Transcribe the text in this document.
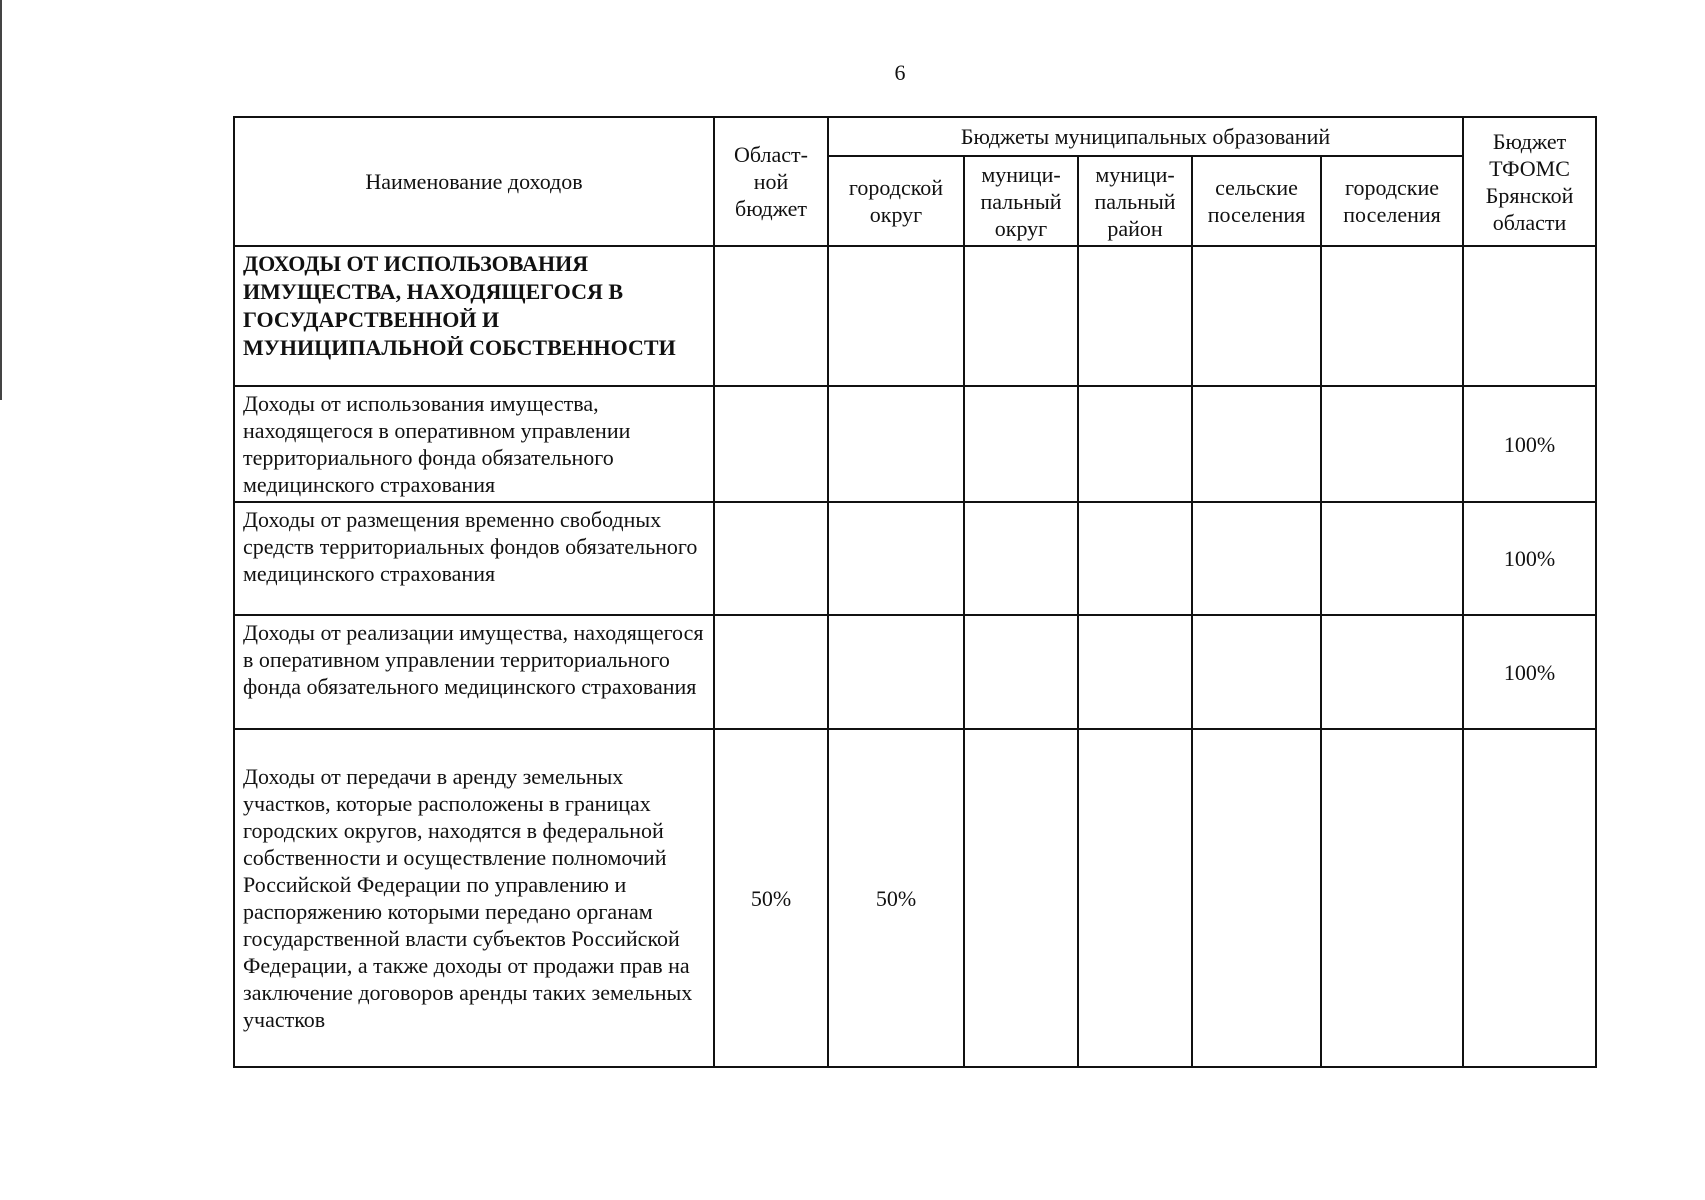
6
Наименование доходов	Област-
ной
бюджет	Бюджеты муниципальных образований					Бюджет
ТФОМС
Брянской
области
		городской
округ	муници-
пальный
округ	муници-
пальный
район	сельские
поселения	городские
поселения	
ДОХОДЫ ОТ ИСПОЛЬЗОВАНИЯ ИМУЩЕСТВА, НАХОДЯЩЕГОСЯ В ГОСУДАРСТВЕННОЙ И МУНИЦИПАЛЬНОЙ СОБСТВЕННОСТИ							
Доходы от использования имущества, находящегося в оперативном управлении территориального фонда обязательного медицинского страхования							100%
Доходы от размещения временно свободных средств территориальных фондов обязательного медицинского страхования							100%
Доходы от реализации имущества, находящегося в оперативном управлении территориального фонда обязательного медицинского страхования							100%
Доходы от передачи в аренду земельных участков, которые расположены в границах городских округов, находятся в федеральной собственности и осуществление полномочий Российской Федерации по управлению и распоряжению которыми передано органам государственной власти субъектов Российской Федерации, а также доходы от продажи прав на заключение договоров аренды таких земельных участков	50%	50%					
